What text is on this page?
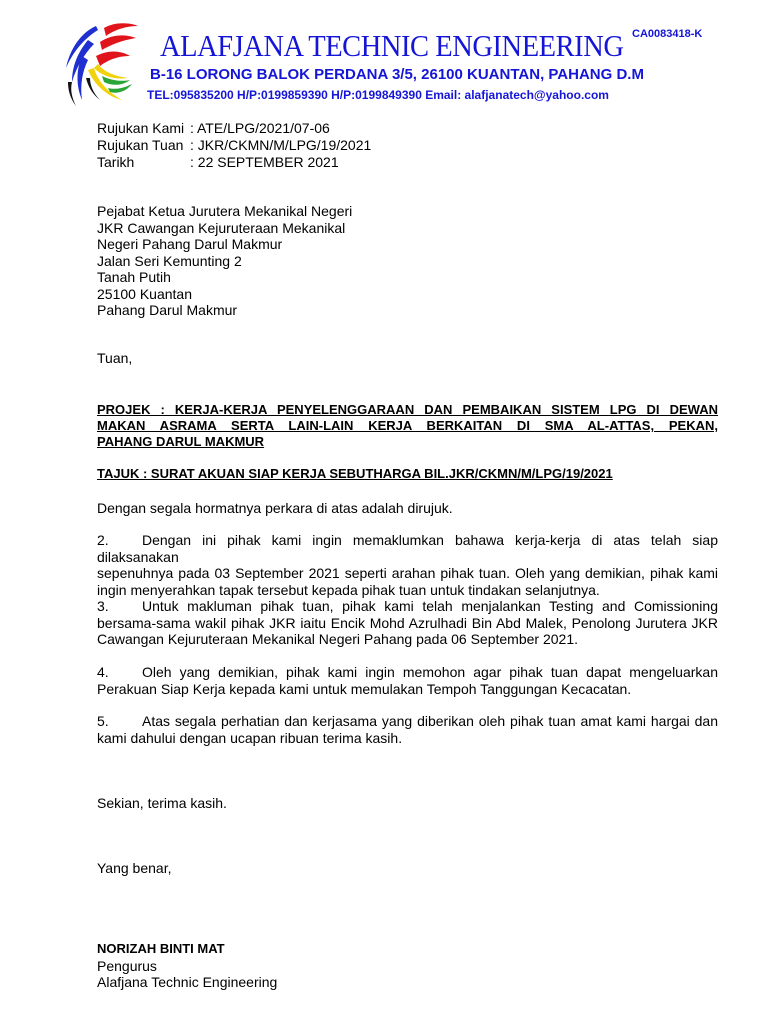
ALAFJANA TECHNIC ENGINEERING CA0083418-K
B-16 LORONG BALOK PERDANA 3/5, 26100 KUANTAN, PAHANG D.M
TEL:095835200 H/P:0199859390 H/P:0199849390 Email: alafjanatech@yahoo.com
Rujukan Kami : ATE/LPG/2021/07-06
Rujukan Tuan : JKR/CKMN/M/LPG/19/2021
Tarikh	: 22 SEPTEMBER 2021
Pejabat Ketua Jurutera Mekanikal Negeri
JKR Cawangan Kejuruteraan Mekanikal
Negeri Pahang Darul Makmur
Jalan Seri Kemunting 2
Tanah Putih
25100 Kuantan
Pahang Darul Makmur
Tuan,
PROJEK : KERJA-KERJA PENYELENGGARAAN DAN PEMBAIKAN SISTEM LPG DI DEWAN
MAKAN ASRAMA SERTA LAIN-LAIN KERJA BERKAITAN DI SMA AL-ATTAS, PEKAN,
PAHANG DARUL MAKMUR
TAJUK : SURAT AKUAN SIAP KERJA SEBUTHARGA BIL.JKR/CKMN/M/LPG/19/2021
Dengan segala hormatnya perkara di atas adalah dirujuk.
2. Dengan ini pihak kami ingin memaklumkan bahawa kerja-kerja di atas telah siap dilaksanakan
sepenuhnya pada 03 September 2021 seperti arahan pihak tuan. Oleh yang demikian, pihak kami
ingin menyerahkan tapak tersebut kepada pihak tuan untuk tindakan selanjutnya.
3. Untuk makluman pihak tuan, pihak kami telah menjalankan Testing and Comissioning
bersama-sama wakil pihak JKR iaitu Encik Mohd Azrulhadi Bin Abd Malek, Penolong Jurutera JKR
Cawangan Kejuruteraan Mekanikal Negeri Pahang pada 06 September 2021.
4. Oleh yang demikian, pihak kami ingin memohon agar pihak tuan dapat mengeluarkan
Perakuan Siap Kerja kepada kami untuk memulakan Tempoh Tanggungan Kecacatan.
5. Atas segala perhatian dan kerjasama yang diberikan oleh pihak tuan amat kami hargai dan
kami dahului dengan ucapan ribuan terima kasih.
Sekian, terima kasih.
Yang benar,
NORIZAH BINTI MAT
Pengurus
Alafjana Technic Engineering
